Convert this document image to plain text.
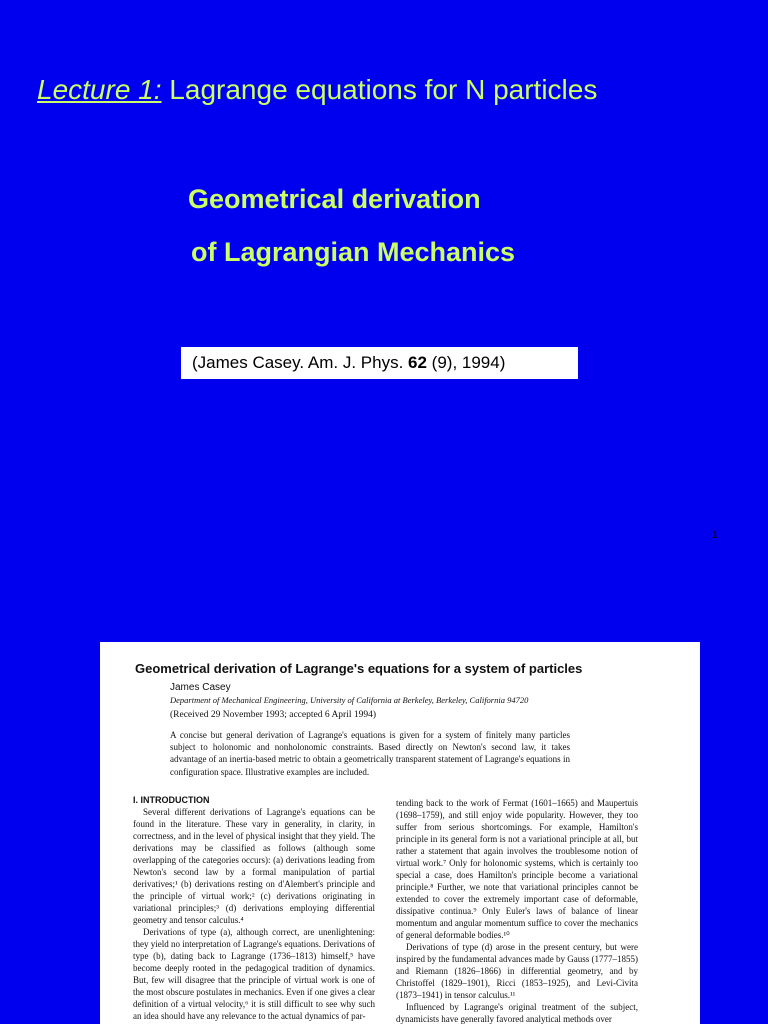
Lecture 1: Lagrange equations for N particles
Geometrical derivation
of Lagrangian Mechanics
(James Casey. Am. J. Phys. 62 (9), 1994)
1
Geometrical derivation of Lagrange's equations for a system of particles
James Casey
Department of Mechanical Engineering, University of California at Berkeley, Berkeley, California 94720
(Received 29 November 1993; accepted 6 April 1994)

A concise but general derivation of Lagrange's equations is given for a system of finitely many particles subject to holonomic and nonholonomic constraints. Based directly on Newton's second law, it takes advantage of an inertia-based metric to obtain a geometrically transparent statement of Lagrange's equations in configuration space. Illustrative examples are included.

I. INTRODUCTION

Several different derivations of Lagrange's equations can be found in the literature. These vary in generality, in clarity, in correctness, and in the level of physical insight that they yield. The derivations may be classified as follows (although some overlapping of the categories occurs): (a) derivations leading from Newton's second law by a formal manipulation of partial derivatives;¹ (b) derivations resting on d'Alembert's principle and the principle of virtual work;² (c) derivations originating in variational principles;³ (d) derivations employing differential geometry and tensor calculus.⁴

Derivations of type (a), although correct, are unenlightening: they yield no interpretation of Lagrange's equations. Derivations of type (b), dating back to Lagrange (1736–1813) himself,⁵ have become deeply rooted in the pedagogical tradition of dynamics. But, few will disagree that the principle of virtual work is one of the most obscure postulates in mechanics. Even if one gives a clear definition of a virtual velocity,⁶ it is still difficult to see why such an idea should have any relevance to the actual dynamics of par-

tending back to the work of Fermat (1601–1665) and Maupertuis (1698–1759), and still enjoy wide popularity. However, they too suffer from serious shortcomings. For example, Hamilton's principle in its general form is not a variational principle at all, but rather a statement that again involves the troublesome notion of virtual work.⁷ Only for holonomic systems, which is certainly too special a case, does Hamilton's principle become a variational principle.⁸ Further, we note that variational principles cannot be extended to cover the extremely important case of deformable, dissipative continua.⁹ Only Euler's laws of balance of linear momentum and angular momentum suffice to cover the mechanics of general deformable bodies.¹⁰

Derivations of type (d) arose in the present century, but were inspired by the fundamental advances made by Gauss (1777–1855) and Riemann (1826–1866) in differential geometry, and by Christoffel (1829–1901), Ricci (1853–1925), and Levi-Civita (1873–1941) in tensor calculus.¹¹

Influenced by Lagrange's original treatment of the subject, dynamicists have generally favored analytical methods over
